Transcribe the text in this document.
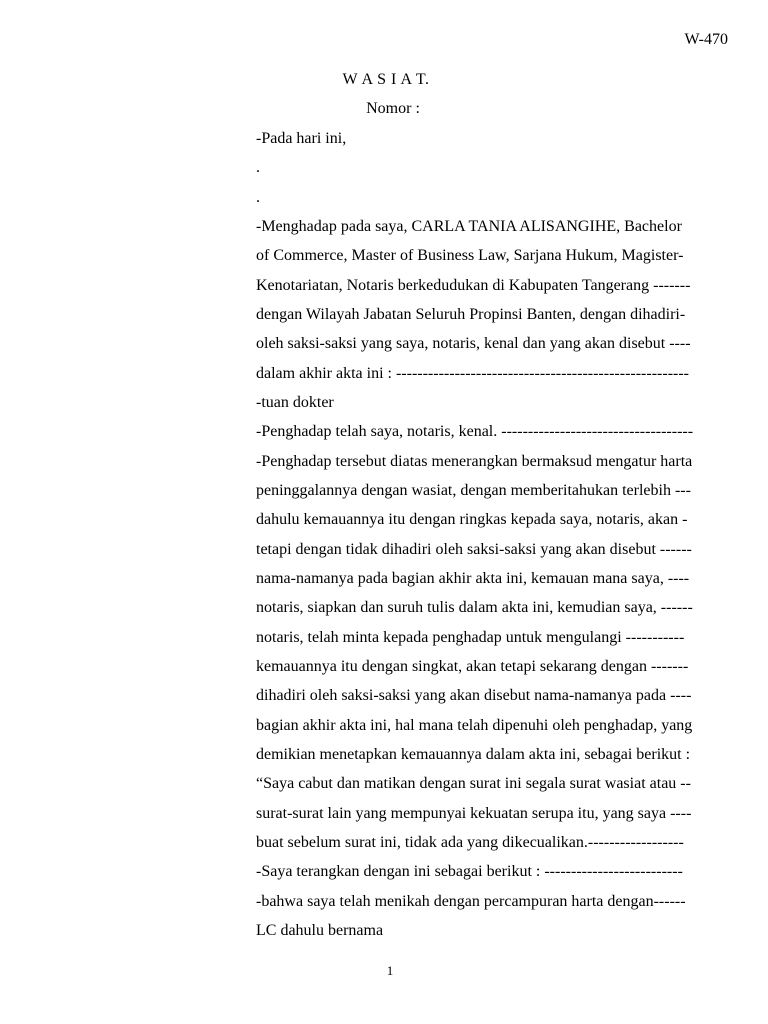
W-470
W A S I A T.
Nomor :
-Pada hari ini,
.
.
-Menghadap pada saya, CARLA TANIA ALISANGIHE, Bachelor
of Commerce, Master of Business Law, Sarjana Hukum, Magister-
Kenotariatan, Notaris berkedudukan di Kabupaten Tangerang -------
dengan Wilayah Jabatan Seluruh Propinsi Banten, dengan dihadiri-
oleh saksi-saksi yang saya, notaris, kenal dan yang akan disebut ----
dalam akhir akta ini : -------------------------------------------------------
-tuan dokter
-Penghadap telah saya, notaris, kenal. ------------------------------------
-Penghadap tersebut diatas menerangkan bermaksud mengatur harta
peninggalannya dengan wasiat, dengan memberitahukan terlebih ---
dahulu kemauannya itu dengan ringkas kepada saya, notaris, akan -
tetapi dengan tidak dihadiri oleh saksi-saksi yang akan disebut ------
nama-namanya pada bagian akhir akta ini, kemauan mana saya, ----
notaris, siapkan dan suruh tulis dalam akta ini, kemudian saya, ------
notaris, telah minta kepada penghadap untuk mengulangi -----------
kemauannya itu dengan singkat, akan tetapi sekarang dengan -------
dihadiri oleh saksi-saksi yang akan disebut nama-namanya pada ----
bagian akhir akta ini, hal mana telah dipenuhi oleh penghadap, yang
demikian menetapkan kemauannya dalam akta ini, sebagai berikut :
“Saya cabut dan matikan dengan surat ini segala surat wasiat atau --
surat-surat lain yang mempunyai kekuatan serupa itu, yang saya ----
buat sebelum surat ini, tidak ada yang dikecualikan.------------------
-Saya terangkan dengan ini sebagai berikut : --------------------------
-bahwa saya telah menikah dengan percampuran harta dengan------
LC dahulu bernama
1
